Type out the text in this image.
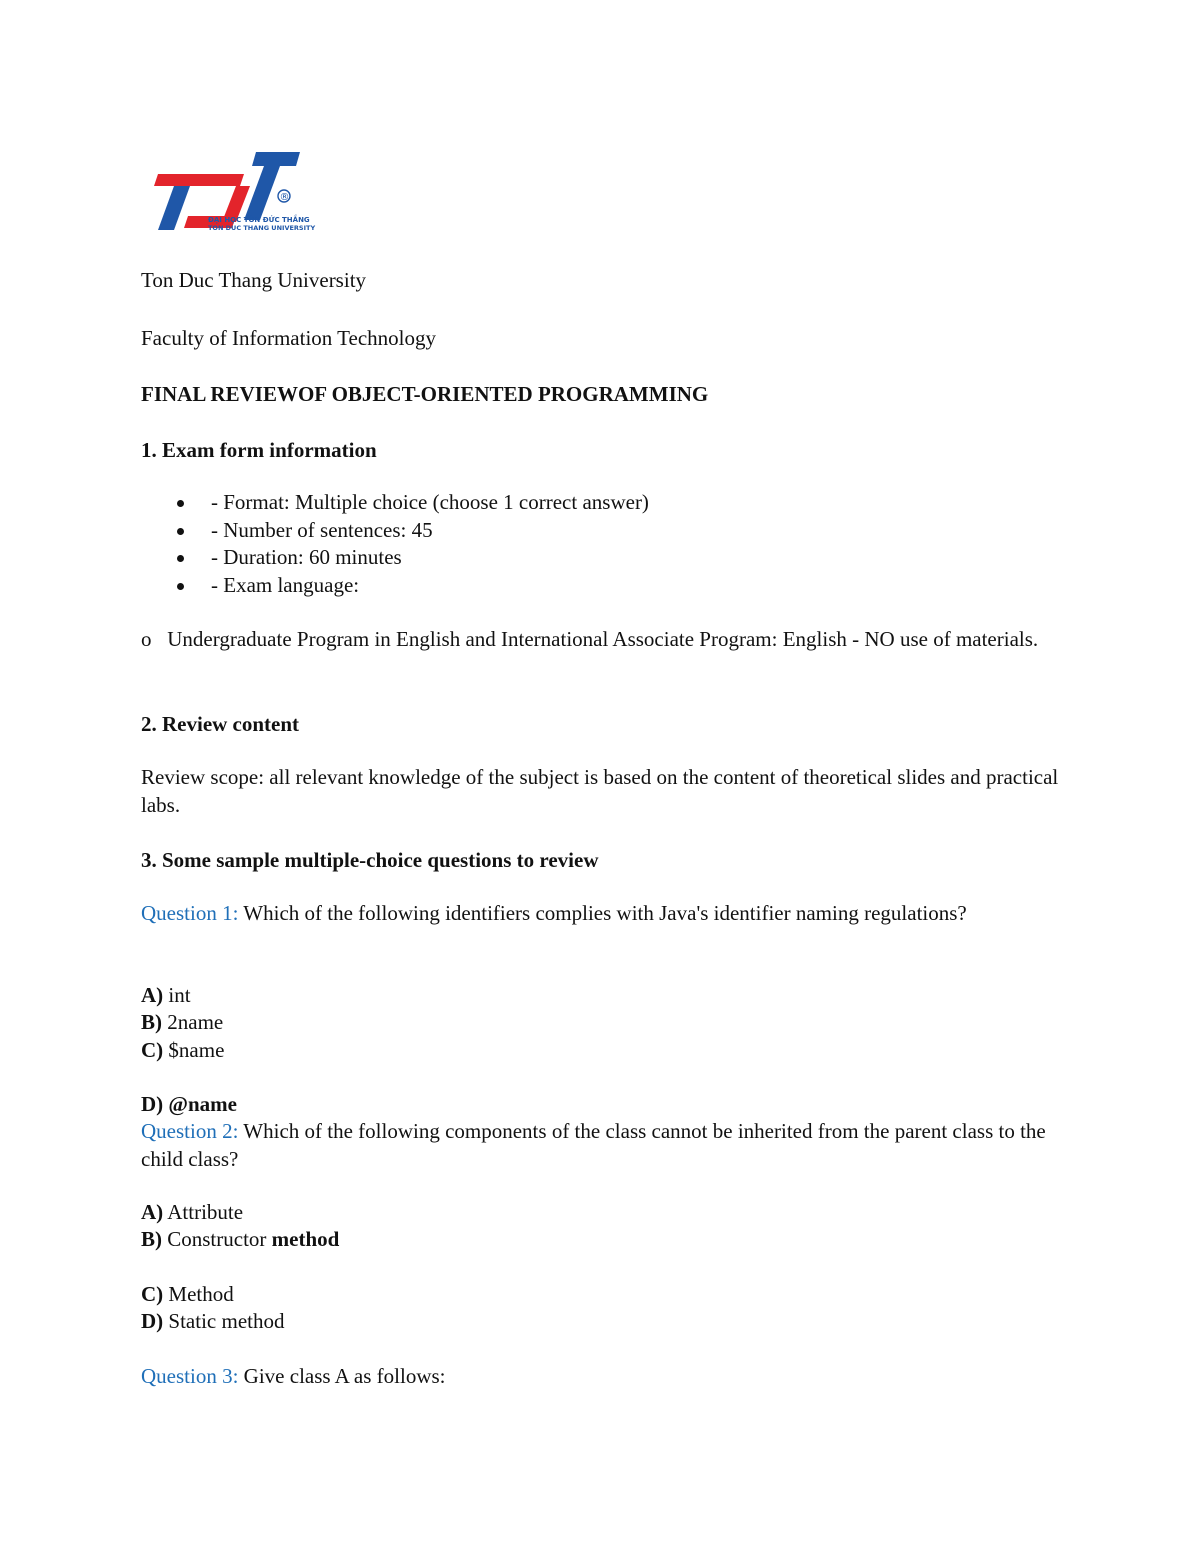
®
ĐẠI HỌC TÔN ĐỨC THẮNG
TON DUC THANG UNIVERSITY

Ton Duc Thang University

Faculty of Information Technology

FINAL REVIEWOF OBJECT-ORIENTED PROGRAMMING

1. Exam form information

- Format: Multiple choice (choose 1 correct answer)
- Number of sentences: 45
- Duration: 60 minutes
- Exam language:

o Undergraduate Program in English and International Associate Program: English - NO use of materials.

2. Review content

Review scope: all relevant knowledge of the subject is based on the content of theoretical slides and practical labs.

3. Some sample multiple-choice questions to review

Question 1: Which of the following identifiers complies with Java's identifier naming regulations?

A) int

B) 2name

C) $name

D) @name

Question 2: Which of the following components of the class cannot be inherited from the parent class to the child class?

A) Attribute

B) Constructor method

C) Method

D) Static method

Question 3: Give class A as follows:
